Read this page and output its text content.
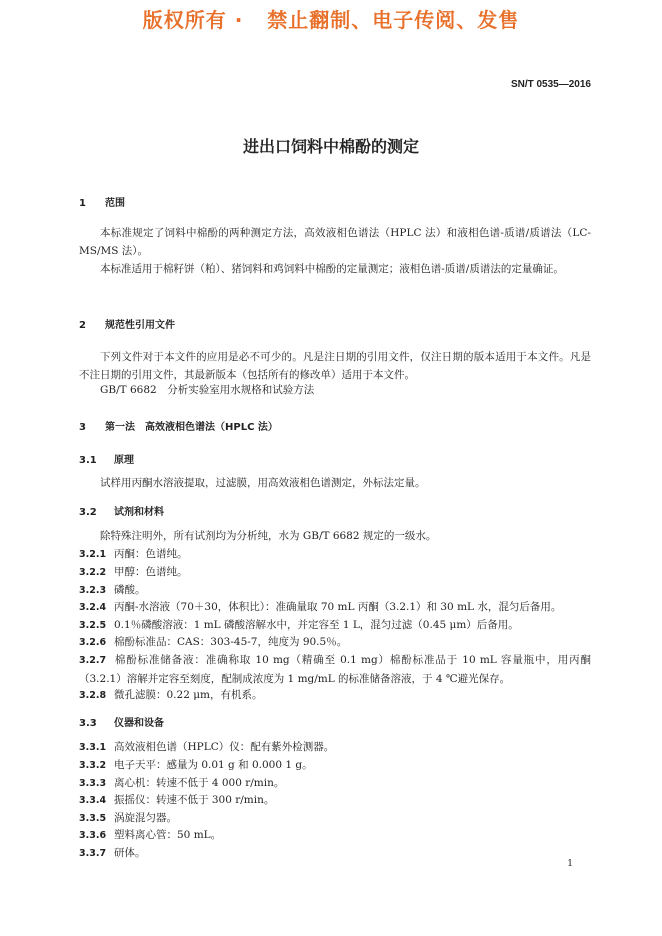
版权所有 ·   禁止翻制、电子传阅、发售
SN/T 0535—2016
进出口饲料中棉酚的测定
1 范围
本标准规定了饲料中棉酚的两种测定方法，高效液相色谱法（HPLC 法）和液相色谱-质谱/质谱法（LC-MS/MS 法）。
本标准适用于棉籽饼（粕）、猪饲料和鸡饲料中棉酚的定量测定；液相色谱-质谱/质谱法的定量确证。
2 规范性引用文件
下列文件对于本文件的应用是必不可少的。凡是注日期的引用文件，仅注日期的版本适用于本文件。凡是不注日期的引用文件，其最新版本（包括所有的修改单）适用于本文件。
GB/T 6682　分析实验室用水规格和试验方法
3 第一法　高效液相色谱法（HPLC 法）
3.1 原理
试样用丙酮水溶液提取，过滤膜，用高效液相色谱测定，外标法定量。
3.2 试剂和材料
除特殊注明外，所有试剂均为分析纯，水为 GB/T 6682 规定的一级水。
3.2.1 丙酮：色谱纯。
3.2.2 甲醇：色谱纯。
3.2.3 磷酸。
3.2.4 丙酮-水溶液（70＋30，体积比）：准确量取 70 mL 丙酮（3.2.1）和 30 mL 水，混匀后备用。
3.2.5 0.1％磷酸溶液：1 mL 磷酸溶解水中，并定容至 1 L，混匀过滤（0.45 μm）后备用。
3.2.6 棉酚标准品：CAS：303-45-7，纯度为 90.5％。
3.2.7 棉酚标准储备液：准确称取 10 mg（精确至 0.1 mg）棉酚标准品于 10 mL 容量瓶中，用丙酮（3.2.1）溶解并定容至刻度，配制成浓度为 1 mg/mL 的标准储备溶液，于 4 ℃避光保存。
3.2.8 微孔滤膜：0.22 μm，有机系。
3.3 仪器和设备
3.3.1 高效液相色谱（HPLC）仪：配有紫外检测器。
3.3.2 电子天平：感量为 0.01 g 和 0.000 1 g。
3.3.3 离心机：转速不低于 4 000 r/min。
3.3.4 振摇仪：转速不低于 300 r/min。
3.3.5 涡旋混匀器。
3.3.6 塑料离心管：50 mL。
3.3.7 研体。
1
